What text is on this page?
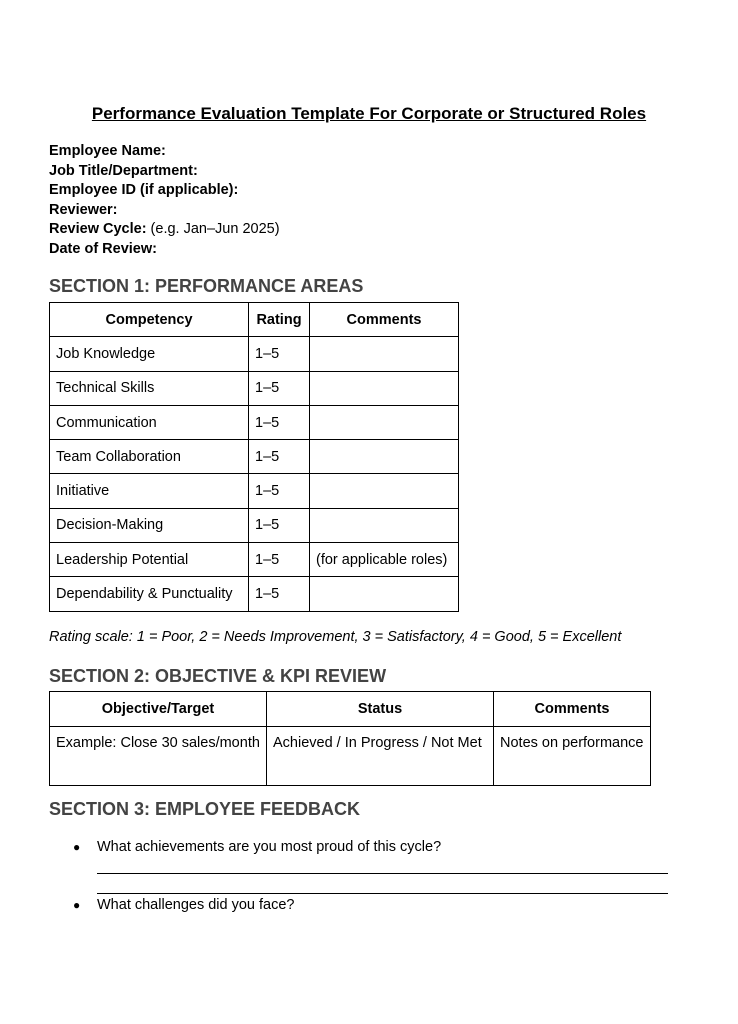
Performance Evaluation Template For Corporate or Structured Roles
Employee Name:
Job Title/Department:
Employee ID (if applicable):
Reviewer:
Review Cycle: (e.g. Jan–Jun 2025)
Date of Review:
SECTION 1: PERFORMANCE AREAS
Competency	Rating	Comments
Job Knowledge	1–5	
Technical Skills	1–5	
Communication	1–5	
Team Collaboration	1–5	
Initiative	1–5	
Decision-Making	1–5	
Leadership Potential	1–5	(for applicable roles)
Dependability & Punctuality	1–5	
Rating scale: 1 = Poor, 2 = Needs Improvement, 3 = Satisfactory, 4 = Good, 5 = Excellent
SECTION 2: OBJECTIVE & KPI REVIEW
Objective/Target	Status	Comments
Example: Close 30 sales/month	Achieved / In Progress / Not Met	Notes on performance
SECTION 3: EMPLOYEE FEEDBACK
● What achievements are you most proud of this cycle?
● What challenges did you face?
